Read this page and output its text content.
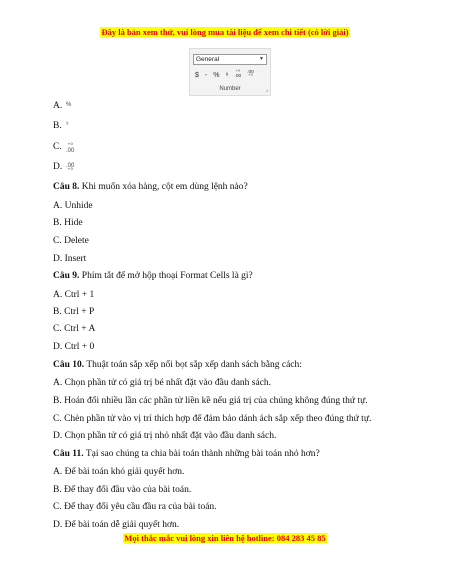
Đây là bản xem thử, vui lòng mua tài liệu để xem chi tiết (có lời giải)
General	▼
$ - % ⁹ ⁺⁰
.00
.00
⁺⁰
Number	⌟
A. %
B. ⁹
C. ⁺⁰
.00
D. .00
⁺⁰
Câu 8. Khi muốn xóa hàng, cột em dùng lệnh nào?
A. Unhide
B. Hide
C. Delete
D. Insert
Câu 9. Phím tắt để mở hộp thoại Format Cells là gì?
A. Ctrl + 1
B. Ctrl + P
C. Ctrl + A
D. Ctrl + 0
Câu 10. Thuật toán sắp xếp nổi bọt sắp xếp danh sách bằng cách:
A. Chọn phần tử có giá trị bé nhất đặt vào đầu danh sách.
B. Hoán đổi nhiều lần các phần tử liền kề nếu giá trị của chúng không đúng thứ tự.
C. Chèn phần tử vào vị trí thích hợp để đảm bảo dánh ách sắp xếp theo đúng thứ tự.
D. Chọn phần tử có giá trị nhỏ nhất đặt vào đầu danh sách.
Câu 11. Tại sao chúng ta chia bài toán thành những bài toán nhỏ hơn?
A. Để bài toán khó giải quyết hơn.
B. Để thay đổi đầu vào của bài toán.
C. Để thay đổi yêu cầu đầu ra của bài toán.
D. Để bài toán dễ giải quyết hơn.
Mọi thắc mắc vui lòng xin liên hệ hotline: 084 283 45 85
